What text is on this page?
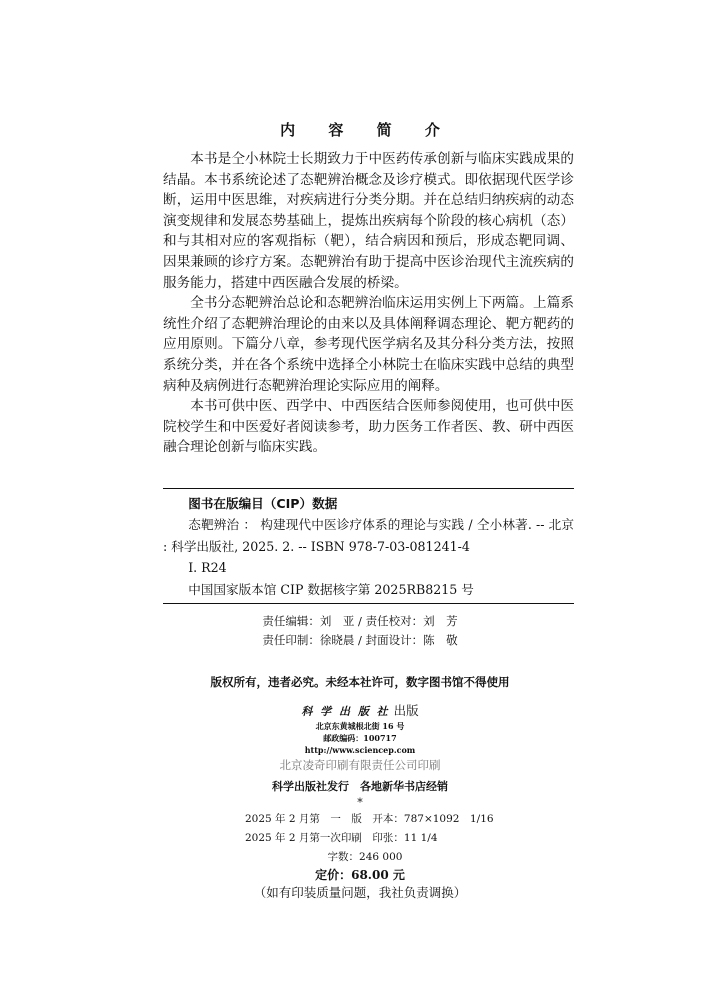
内 容 简 介

本书是仝小林院士长期致力于中医药传承创新与临床实践成果的结晶。本书系统论述了态靶辨治概念及诊疗模式。即依据现代医学诊断，运用中医思维，对疾病进行分类分期。并在总结归纳疾病的动态演变规律和发展态势基础上，提炼出疾病每个阶段的核心病机（态）和与其相对应的客观指标（靶），结合病因和预后，形成态靶同调、因果兼顾的诊疗方案。态靶辨治有助于提高中医诊治现代主流疾病的服务能力，搭建中西医融合发展的桥梁。

全书分态靶辨治总论和态靶辨治临床运用实例上下两篇。上篇系统性介绍了态靶辨治理论的由来以及具体阐释调态理论、靶方靶药的应用原则。下篇分八章，参考现代医学病名及其分科分类方法，按照系统分类，并在各个系统中选择仝小林院士在临床实践中总结的典型病种及病例进行态靶辨治理论实际应用的阐释。

本书可供中医、西学中、中西医结合医师参阅使用，也可供中医院校学生和中医爱好者阅读参考，助力医务工作者医、教、研中西医融合理论创新与临床实践。

图书在版编目（CIP）数据

态靶辨治 ： 构建现代中医诊疗体系的理论与实践 / 仝小林著. -- 北京 : 科学出版社, 2025. 2. -- ISBN 978-7-03-081241-4

Ⅰ. R24

中国国家版本馆 CIP 数据核字第 2025RB8215 号

责任编辑：刘　亚 / 责任校对：刘　芳
责任印制：徐晓晨 / 封面设计：陈　敬
版权所有，违者必究。未经本社许可，数字图书馆不得使用
科 学 出 版 社 出版
北京东黄城根北街 16 号
邮政编码：100717
http://www.sciencep.com
北京凌奇印刷有限责任公司印刷
科学出版社发行　各地新华书店经销
*
2025 年 2 月第　一　版　开本：787×1092　1/16
2025 年 2 月第一次印刷　印张：11 1/4
字数：246 000
定价：68.00 元
（如有印装质量问题，我社负责调换）
